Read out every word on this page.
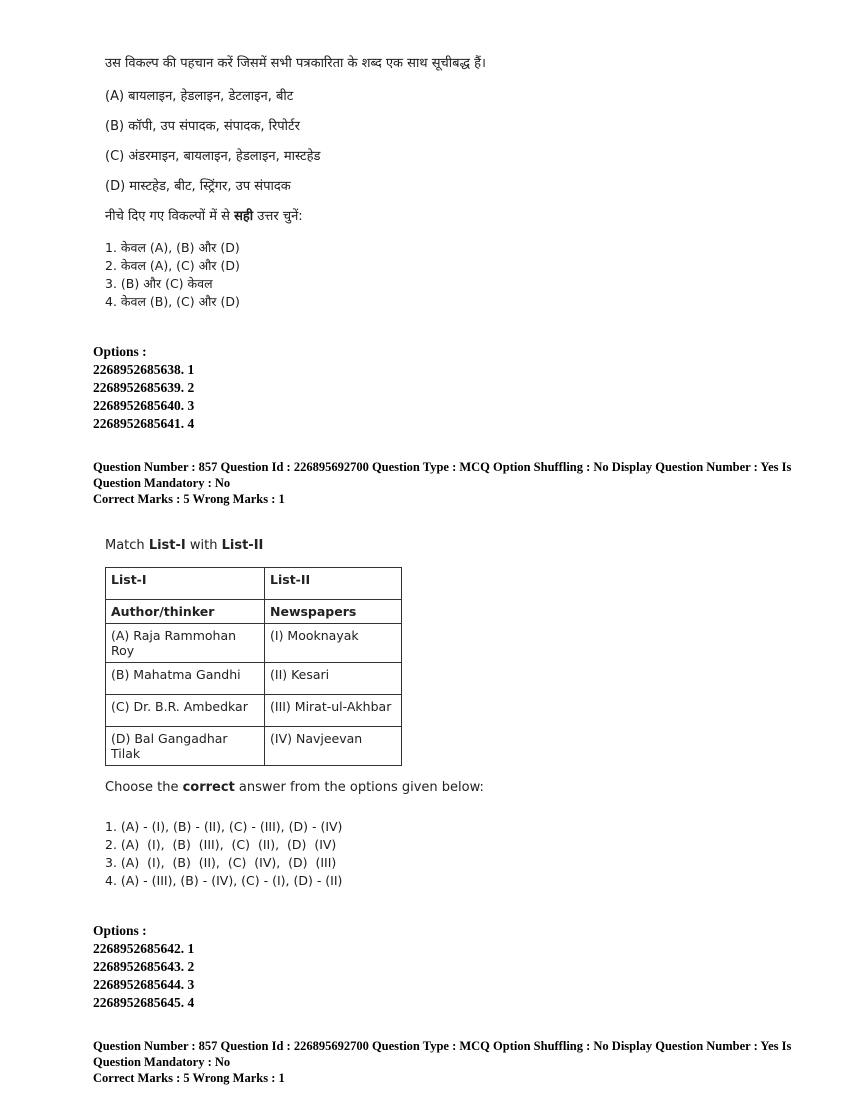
उस विकल्प की पहचान करें जिसमें सभी पत्रकारिता के शब्द एक साथ सूचीबद्ध हैं।

(A) बायलाइन, हेडलाइन, डेटलाइन, बीट

(B) कॉपी, उप संपादक, संपादक, रिपोर्टर

(C) अंडरमाइन, बायलाइन, हेडलाइन, मास्टहेड

(D) मास्टहेड, बीट, स्ट्रिंगर, उप संपादक

नीचे दिए गए विकल्पों में से सही उत्तर चुनें:

1. केवल (A), (B) और (D)

2. केवल (A), (C) और (D)

3. (B) और (C) केवल

4. केवल (B), (C) और (D)

Options :

2268952685638. 1

2268952685639. 2

2268952685640. 3

2268952685641. 4

Question Number : 857 Question Id : 226895692700 Question Type : MCQ Option Shuffling : No Display Question Number : Yes Is

Question Mandatory : No

Correct Marks : 5 Wrong Marks : 1

Match List-I with List-II

List-I	List-II
Author/thinker	Newspapers
(A) Raja Rammohan Roy	(I) Mooknayak
(B) Mahatma Gandhi	(II) Kesari
(C) Dr. B.R. Ambedkar	(III) Mirat-ul-Akhbar
(D) Bal Gangadhar Tilak	(IV) Navjeevan

Choose the correct answer from the options given below:

1. (A) - (I), (B) - (II), (C) - (III), (D) - (IV)

2. (A)  (I),  (B)  (III),  (C)  (II),  (D)  (IV)

3. (A)  (I),  (B)  (II),  (C)  (IV),  (D)  (III)

4. (A) - (III), (B) - (IV), (C) - (I), (D) - (II)

Options :

2268952685642. 1

2268952685643. 2

2268952685644. 3

2268952685645. 4

Question Number : 857 Question Id : 226895692700 Question Type : MCQ Option Shuffling : No Display Question Number : Yes Is

Question Mandatory : No

Correct Marks : 5 Wrong Marks : 1
